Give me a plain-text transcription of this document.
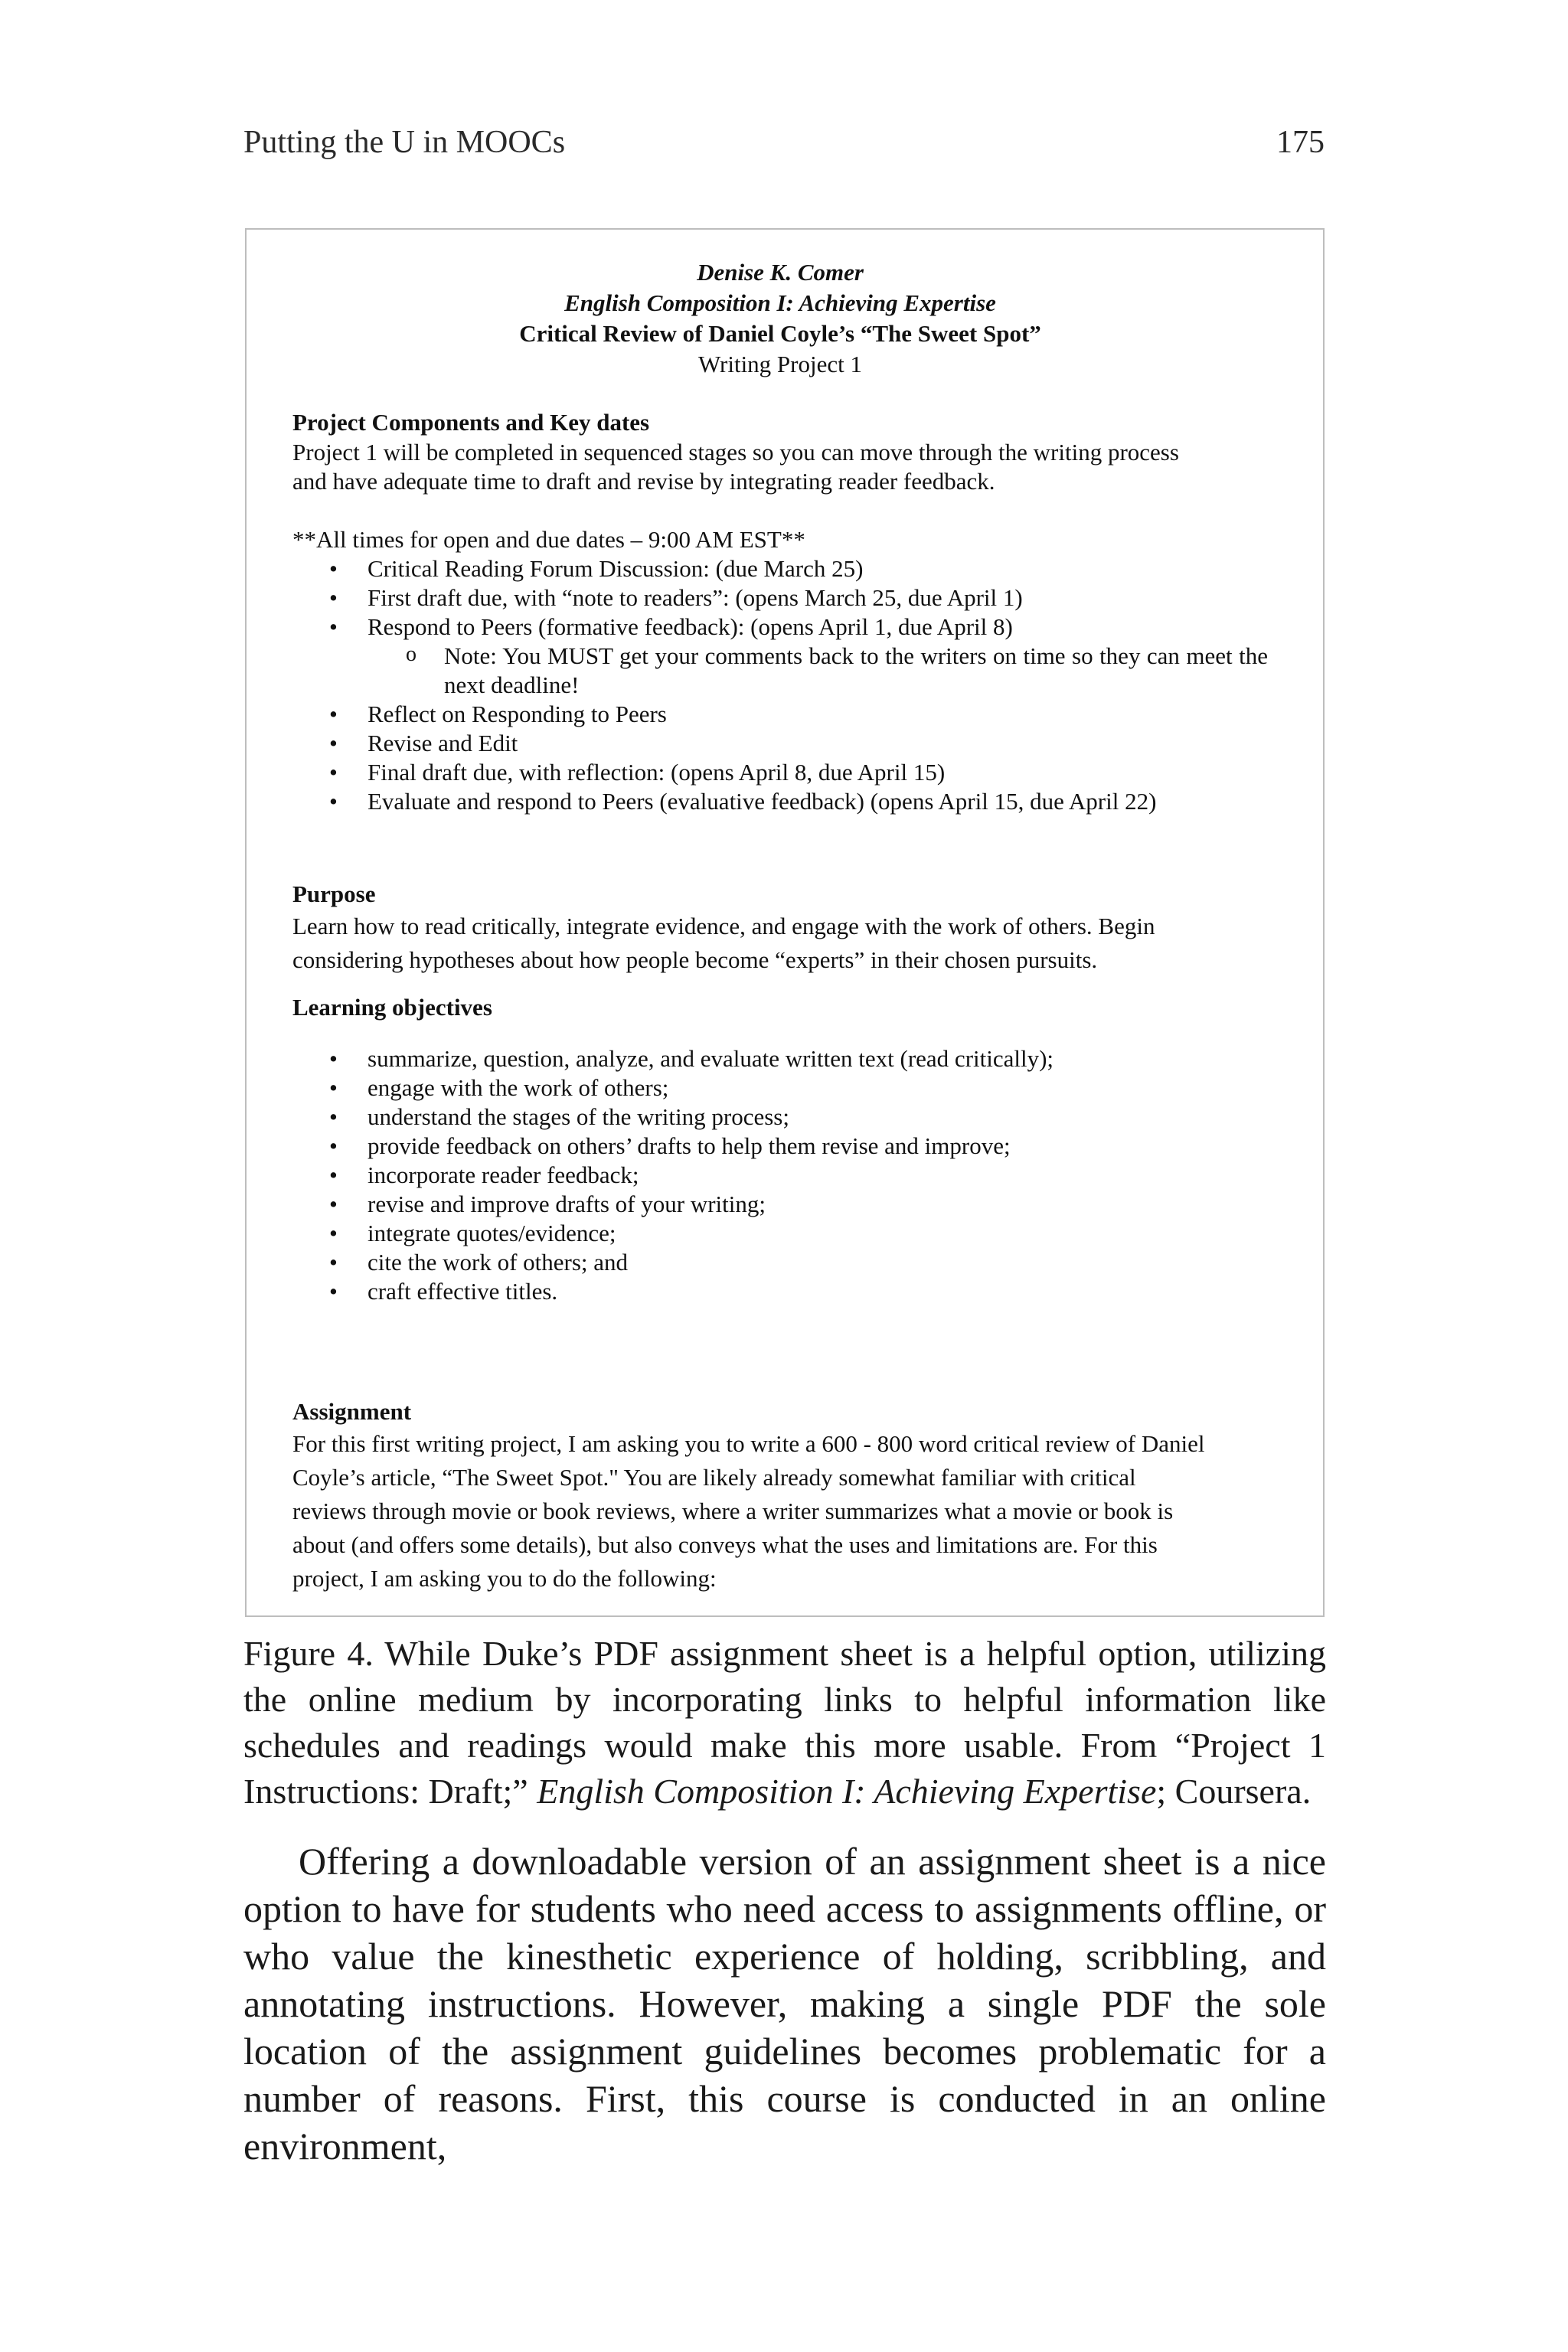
Putting the U in MOOCs	175
Denise K. Comer
English Composition I: Achieving Expertise
Critical Review of Daniel Coyle’s “The Sweet Spot”
Writing Project 1
Project Components and Key dates
Project 1 will be completed in sequenced stages so you can move through the writing process
and have adequate time to draft and revise by integrating reader feedback.
**All times for open and due dates – 9:00 AM EST**
• Critical Reading Forum Discussion: (due March 25)
• First draft due, with “note to readers”: (opens March 25, due April 1)
• Respond to Peers (formative feedback): (opens April 1, due April 8)
o Note: You MUST get your comments back to the writers on time so they can meet the next deadline!
• Reflect on Responding to Peers
• Revise and Edit
• Final draft due, with reflection: (opens April 8, due April 15)
• Evaluate and respond to Peers (evaluative feedback) (opens April 15, due April 22)
Purpose
Learn how to read critically, integrate evidence, and engage with the work of others. Begin
considering hypotheses about how people become “experts” in their chosen pursuits.
Learning objectives
• summarize, question, analyze, and evaluate written text (read critically);
• engage with the work of others;
• understand the stages of the writing process;
• provide feedback on others’ drafts to help them revise and improve;
• incorporate reader feedback;
• revise and improve drafts of your writing;
• integrate quotes/evidence;
• cite the work of others; and
• craft effective titles.
Assignment
For this first writing project, I am asking you to write a 600 - 800 word critical review of Daniel
Coyle’s article, “The Sweet Spot." You are likely already somewhat familiar with critical
reviews through movie or book reviews, where a writer summarizes what a movie or book is
about (and offers some details), but also conveys what the uses and limitations are. For this
project, I am asking you to do the following:
Figure 4. While Duke’s PDF assignment sheet is a helpful option, utilizing the online medium by incorporating links to helpful information like schedules and readings would make this more usable. From “Project 1 Instructions: Draft;” English Composition I: Achieving Expertise; Coursera.
Offering a downloadable version of an assignment sheet is a nice option to have for students who need access to assignments offline, or who value the kinesthetic experience of holding, scribbling, and annotating instructions. However, making a single PDF the sole location of the assignment guidelines becomes problematic for a number of reasons. First, this course is conducted in an online environment,
